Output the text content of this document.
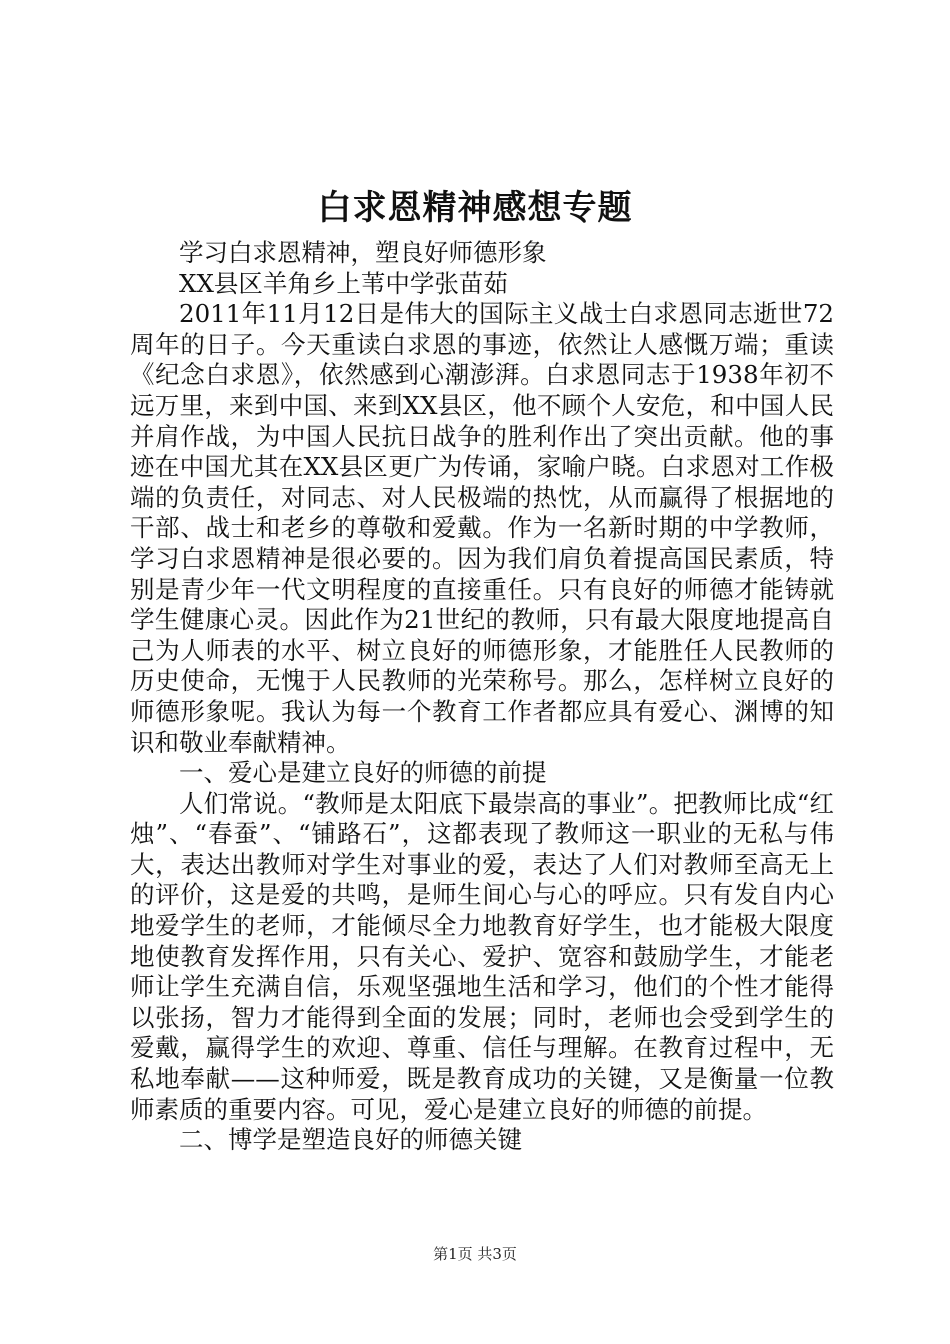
白求恩精神感想专题

学习白求恩精神，塑良好师德形象

XX县区羊角乡上苇中学张苗茹

2011年11月12日是伟大的国际主义战士白求恩同志逝世72周年的日子。今天重读白求恩的事迹，依然让人感慨万端；重读《纪念白求恩》，依然感到心潮澎湃。白求恩同志于1938年初不远万里，来到中国、来到XX县区，他不顾个人安危，和中国人民并肩作战，为中国人民抗日战争的胜利作出了突出贡献。他的事迹在中国尤其在XX县区更广为传诵，家喻户晓。白求恩对工作极端的负责任，对同志、对人民极端的热忱，从而赢得了根据地的干部、战士和老乡的尊敬和爱戴。作为一名新时期的中学教师，学习白求恩精神是很必要的。因为我们肩负着提高国民素质，特别是青少年一代文明程度的直接重任。只有良好的师德才能铸就学生健康心灵。因此作为21世纪的教师，只有最大限度地提高自己为人师表的水平、树立良好的师德形象，才能胜任人民教师的历史使命，无愧于人民教师的光荣称号。那么，怎样树立良好的师德形象呢。我认为每一个教育工作者都应具有爱心、渊博的知识和敬业奉献精神。

一、爱心是建立良好的师德的前提

人们常说。“教师是太阳底下最崇高的事业”。把教师比成“红烛”、“春蚕”、“铺路石”，这都表现了教师这一职业的无私与伟大，表达出教师对学生对事业的爱，表达了人们对教师至高无上的评价，这是爱的共鸣，是师生间心与心的呼应。只有发自内心地爱学生的老师，才能倾尽全力地教育好学生，也才能极大限度地使教育发挥作用，只有关心、爱护、宽容和鼓励学生，才能老师让学生充满自信，乐观坚强地生活和学习，他们的个性才能得以张扬，智力才能得到全面的发展；同时，老师也会受到学生的爱戴，赢得学生的欢迎、尊重、信任与理解。在教育过程中，无私地奉献——这种师爱，既是教育成功的关键，又是衡量一位教师素质的重要内容。可见，爱心是建立良好的师德的前提。

二、博学是塑造良好的师德关键

第1页 共3页
